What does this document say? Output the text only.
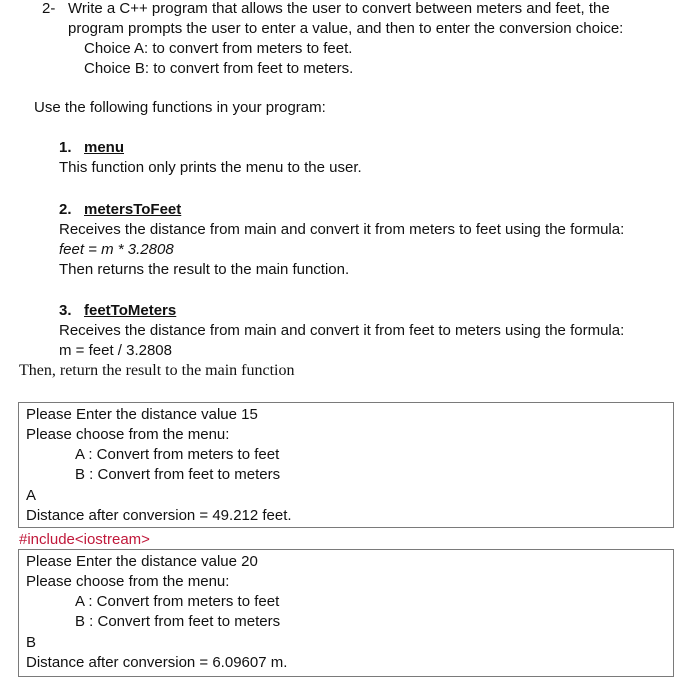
2- Write a C++ program that allows the user to convert between meters and feet, the
program prompts the user to enter a value, and then to enter the conversion choice:
Choice A: to convert from meters to feet.
Choice B: to convert from feet to meters.
Use the following functions in your program:
1. menu
This function only prints the menu to the user.
2. metersToFeet
Receives the distance from main and convert it from meters to feet using the formula:
feet = m * 3.2808
Then returns the result to the main function.
3. feetToMeters
Receives the distance from main and convert it from feet to meters using the formula:
m = feet / 3.2808
Then, return the result to the main function
Please Enter the distance value 15
Please choose from the menu:
A : Convert from meters to feet
B : Convert from feet to meters
A
Distance after conversion = 49.212 feet.
#include<iostream>
Please Enter the distance value 20
Please choose from the menu:
A : Convert from meters to feet
B : Convert from feet to meters
B
Distance after conversion = 6.09607 m.
